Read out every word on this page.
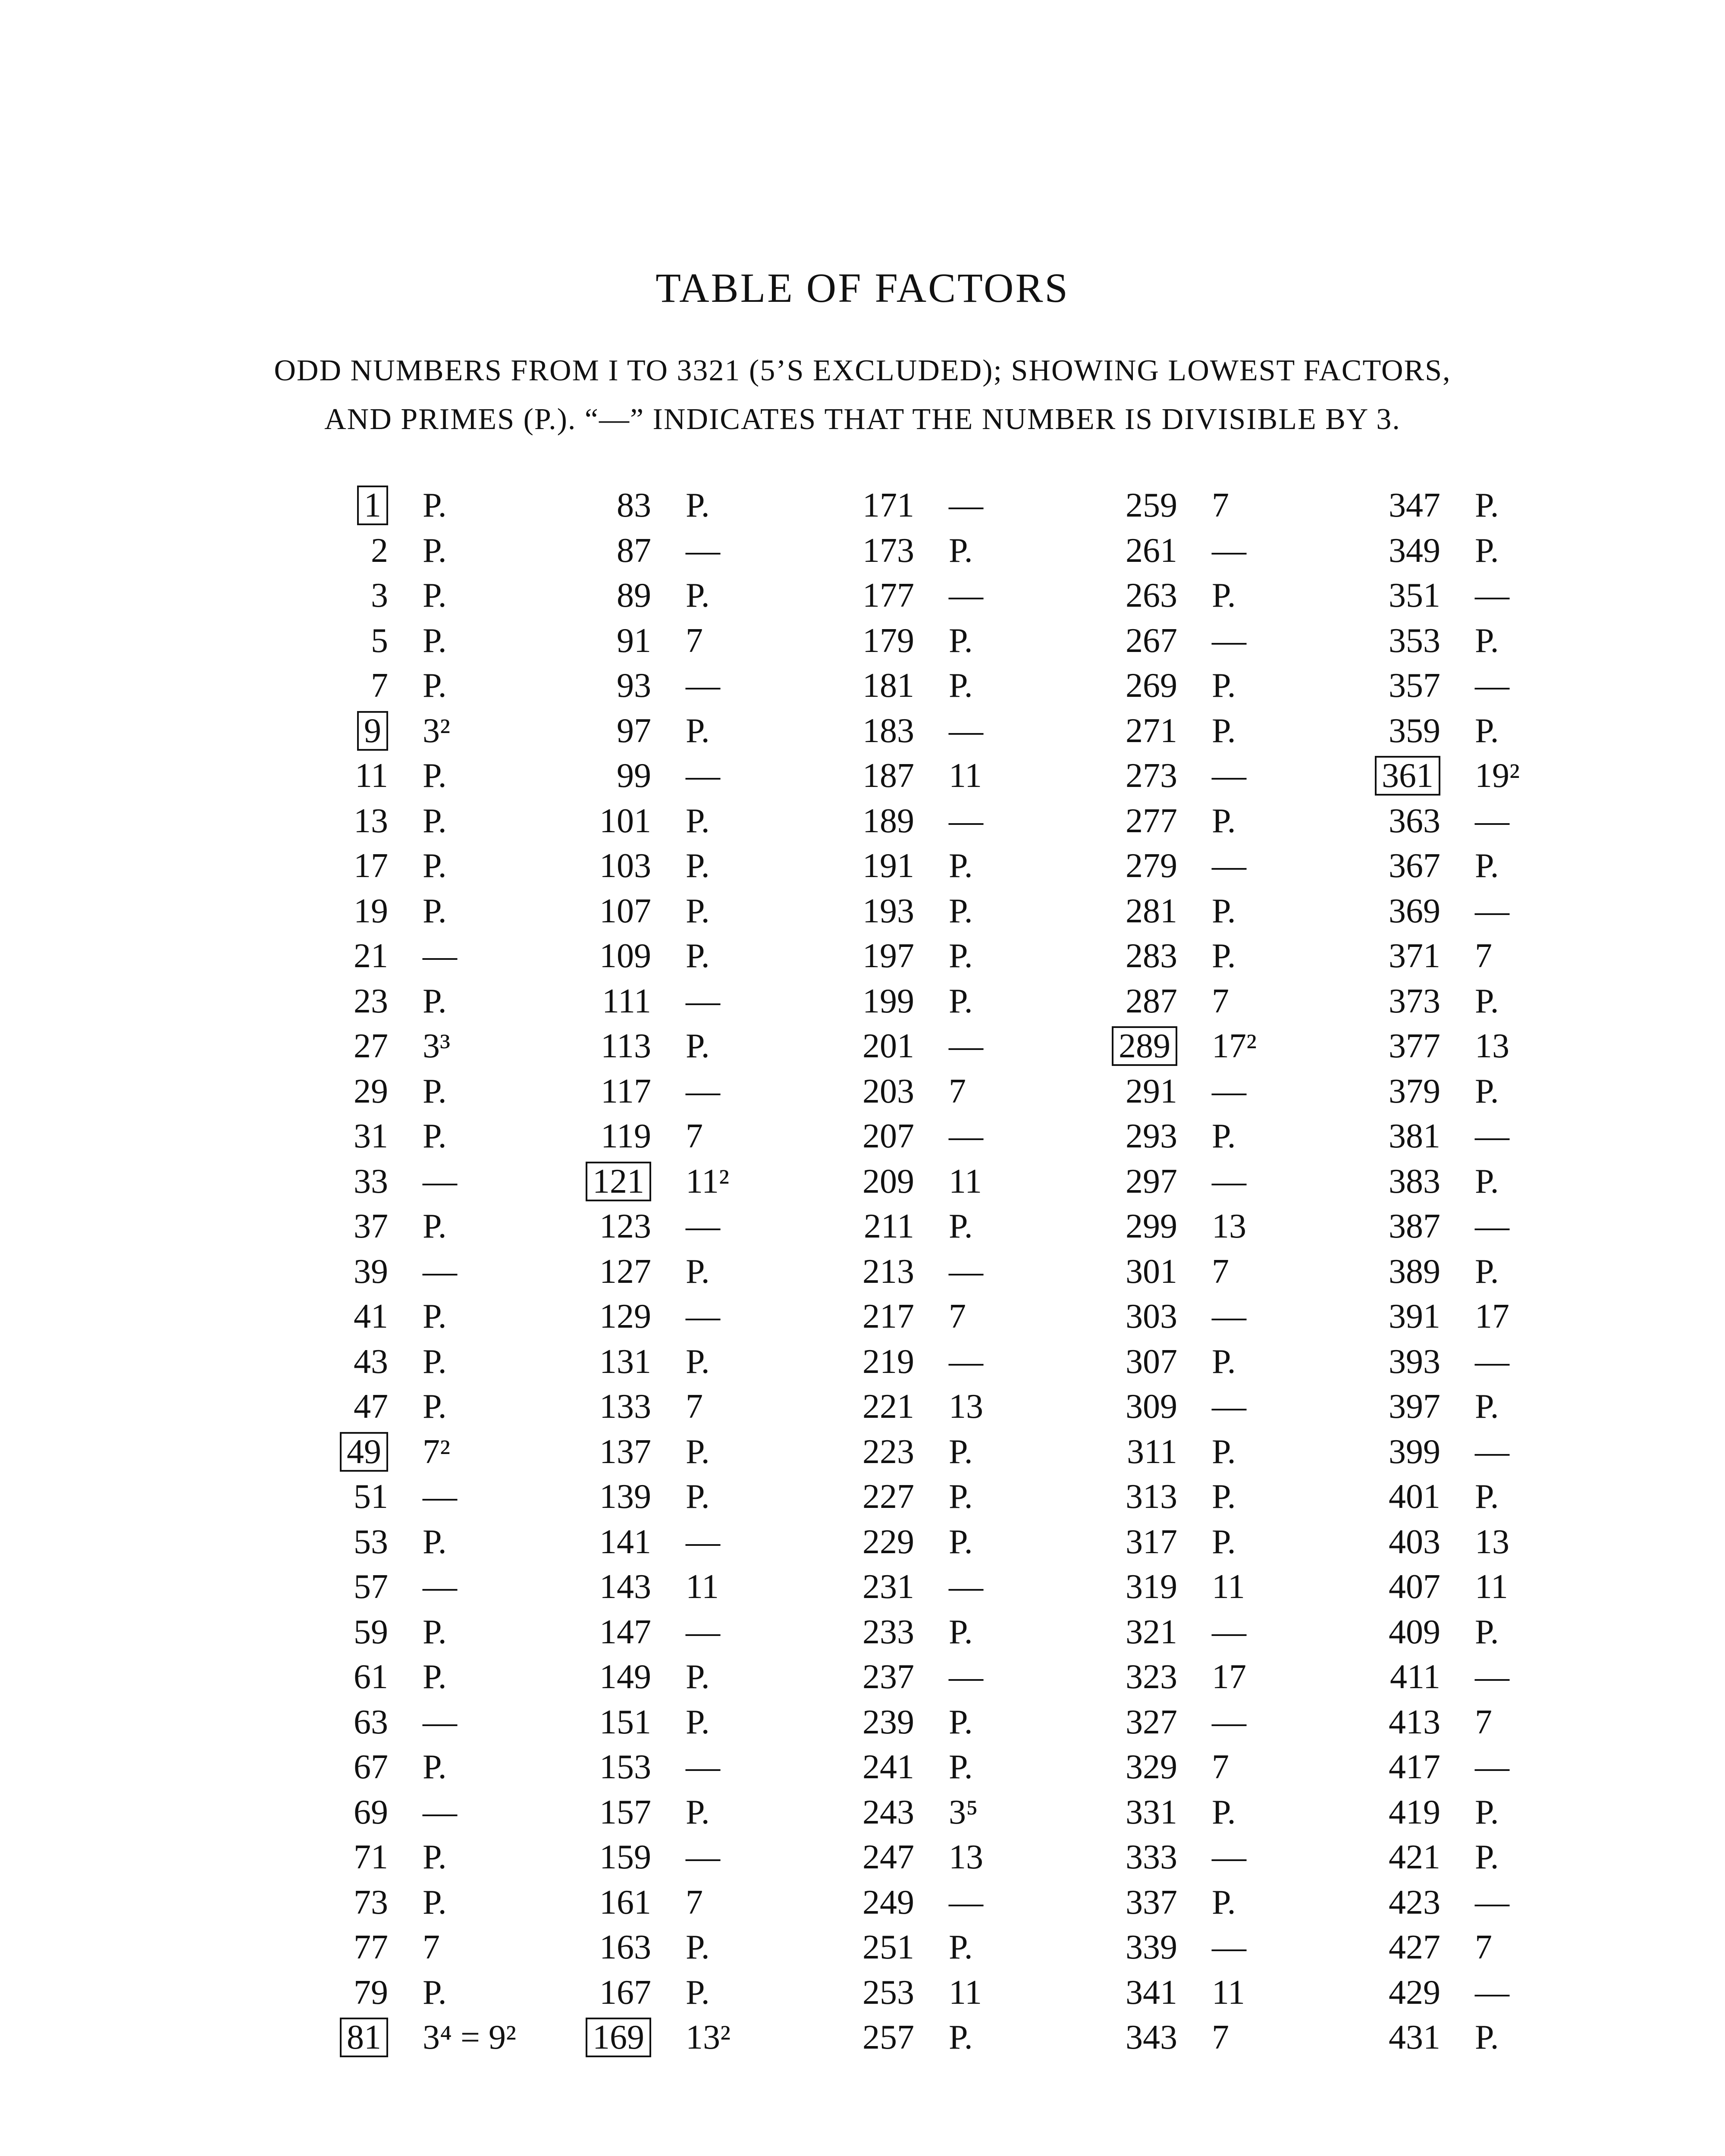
TABLE OF FACTORS
ODD NUMBERS FROM I TO 3321 (5’S EXCLUDED); SHOWING LOWEST FACTORS,
AND PRIMES (P.). “—” INDICATES THAT THE NUMBER IS DIVISIBLE BY 3.
1	P.	83	P.	171	—	259	7	347	P.
2	P.	87	—	173	P.	261	—	349	P.
3	P.	89	P.	177	—	263	P.	351	—
5	P.	91	7	179	P.	267	—	353	P.
7	P.	93	—	181	P.	269	P.	357	—
9	3²	97	P.	183	—	271	P.	359	P.
11	P.	99	—	187	11	273	—	361	19²
13	P.	101	P.	189	—	277	P.	363	—
17	P.	103	P.	191	P.	279	—	367	P.
19	P.	107	P.	193	P.	281	P.	369	—
21	—	109	P.	197	P.	283	P.	371	7
23	P.	111	—	199	P.	287	7	373	P.
27	3³	113	P.	201	—	289	17²	377	13
29	P.	117	—	203	7	291	—	379	P.
31	P.	119	7	207	—	293	P.	381	—
33	—	121	11²	209	11	297	—	383	P.
37	P.	123	—	211	P.	299	13	387	—
39	—	127	P.	213	—	301	7	389	P.
41	P.	129	—	217	7	303	—	391	17
43	P.	131	P.	219	—	307	P.	393	—
47	P.	133	7	221	13	309	—	397	P.
49	7²	137	P.	223	P.	311	P.	399	—
51	—	139	P.	227	P.	313	P.	401	P.
53	P.	141	—	229	P.	317	P.	403	13
57	—	143	11	231	—	319	11	407	11
59	P.	147	—	233	P.	321	—	409	P.
61	P.	149	P.	237	—	323	17	411	—
63	—	151	P.	239	P.	327	—	413	7
67	P.	153	—	241	P.	329	7	417	—
69	—	157	P.	243	3⁵	331	P.	419	P.
71	P.	159	—	247	13	333	—	421	P.
73	P.	161	7	249	—	337	P.	423	—
77	7	163	P.	251	P.	339	—	427	7
79	P.	167	P.	253	11	341	11	429	—
81	3⁴ = 9²	169	13²	257	P.	343	7	431	P.
